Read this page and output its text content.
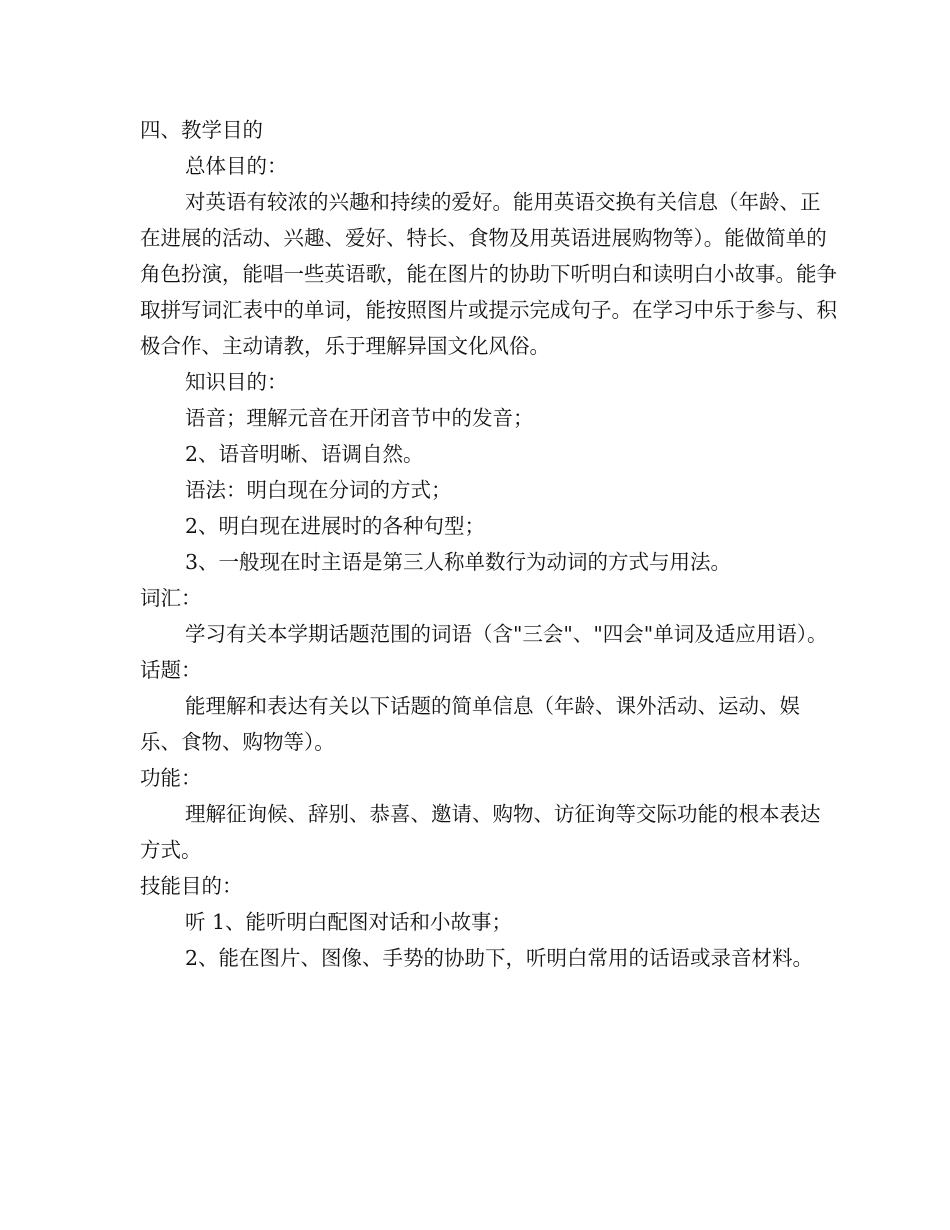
四、教学目的
总体目的：
对英语有较浓的兴趣和持续的爱好。能用英语交换有关信息（年龄、正在进展的活动、兴趣、爱好、特长、食物及用英语进展购物等）。能做简单的角色扮演，能唱一些英语歌，能在图片的协助下听明白和读明白小故事。能争取拼写词汇表中的单词，能按照图片或提示完成句子。在学习中乐于参与、积极合作、主动请教，乐于理解异国文化风俗。
知识目的：
语音；理解元音在开闭音节中的发音；
2、语音明晰、语调自然。
语法：明白现在分词的方式；
2、明白现在进展时的各种句型；
3、一般现在时主语是第三人称单数行为动词的方式与用法。
词汇：
学习有关本学期话题范围的词语（含"三会"、"四会"单词及适应用语）。
话题：
能理解和表达有关以下话题的简单信息（年龄、课外活动、运动、娱乐、食物、购物等）。
功能：
理解征询候、辞别、恭喜、邀请、购物、访征询等交际功能的根本表达方式。
技能目的：
听 1、能听明白配图对话和小故事；
2、能在图片、图像、手势的协助下，听明白常用的话语或录音材料。
